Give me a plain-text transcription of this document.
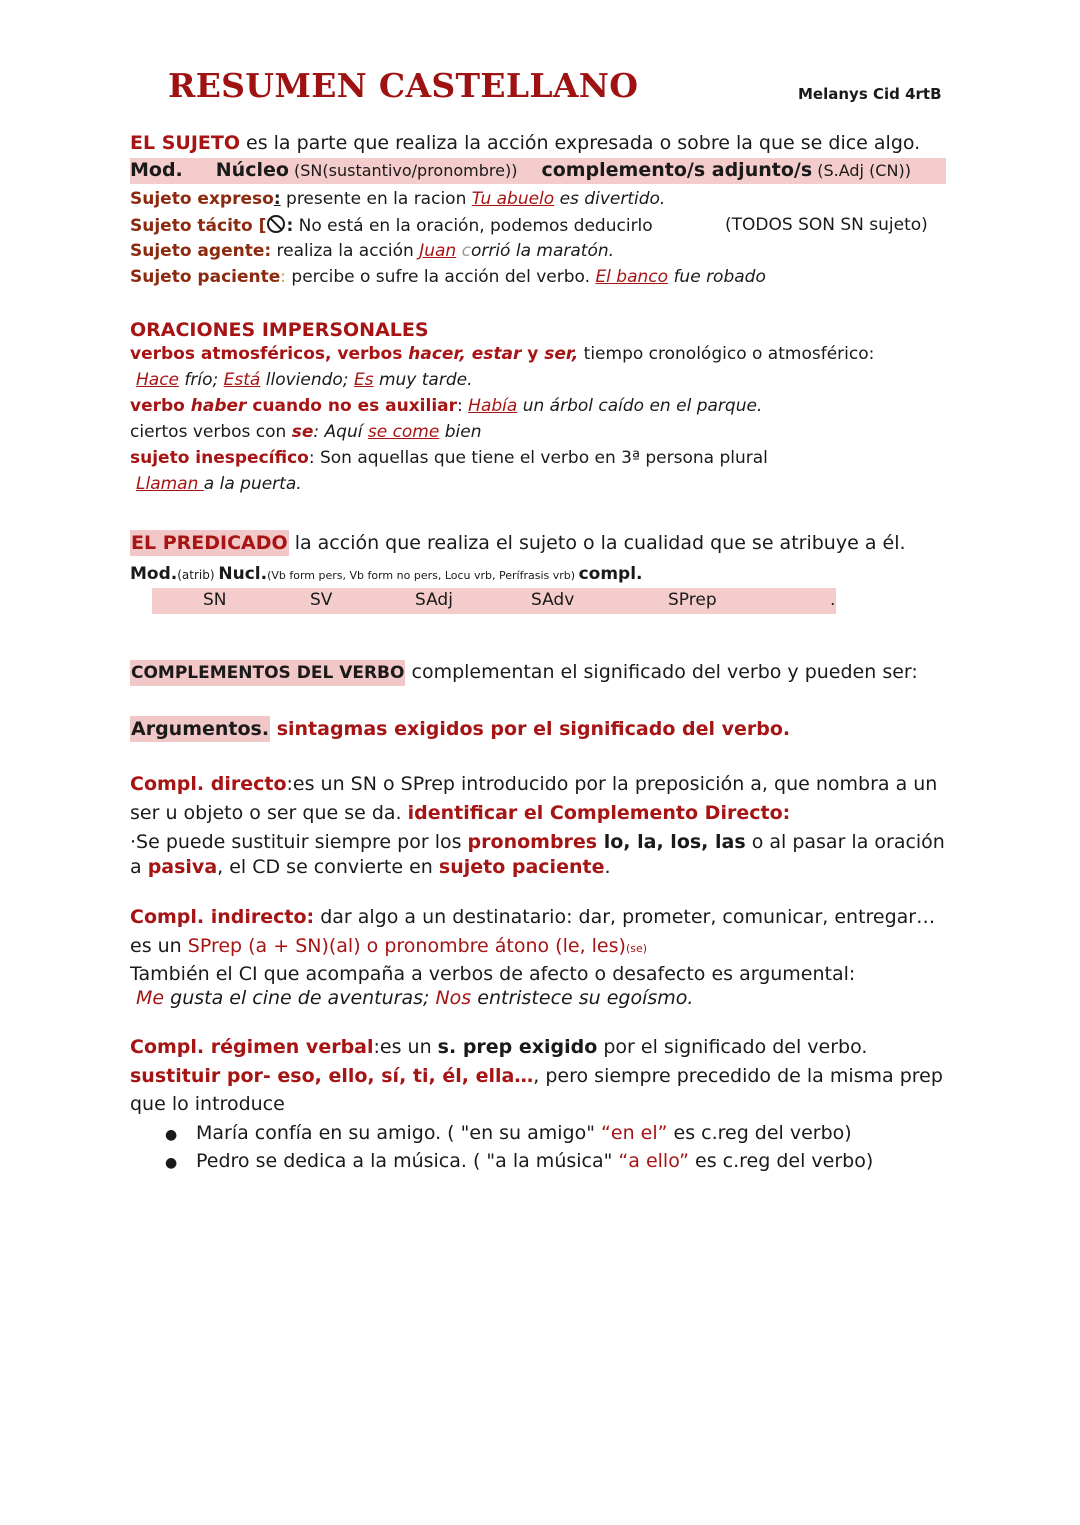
RESUMEN CASTELLANO	Melanys Cid 4rtB
EL SUJETO es la parte que realiza la acción expresada o sobre la que se dice algo.
Mod. Núcleo (SN(sustantivo/pronombre)) complemento/s adjunto/s (S.Adj (CN))
Sujeto expreso: presente en la racion Tu abuelo es divertido.
Sujeto tácito [ : No está en la oración, podemos deducirlo	(TODOS SON SN sujeto)
Sujeto agente: realiza la acción Juan corrió la maratón.
Sujeto paciente: percibe o sufre la acción del verbo. El banco fue robado
ORACIONES IMPERSONALES
verbos atmosféricos, verbos hacer, estar y ser, tiempo cronológico o atmosférico:
Hace frío; Está lloviendo; Es muy tarde.
verbo haber cuando no es auxiliar: Había un árbol caído en el parque.
ciertos verbos con se: Aquí se come bien
sujeto inespecífico: Son aquellas que tiene el verbo en 3ª persona plural
Llaman a la puerta.
EL PREDICADO la acción que realiza el sujeto o la cualidad que se atribuye a él.
Mod.(atrib) Nucl.(Vb form pers, Vb form no pers, Locu vrb, Perífrasis vrb) compl.
SN	SV	SAdj	SAdv	SPrep	.
COMPLEMENTOS DEL VERBO complementan el significado del verbo y pueden ser:
Argumentos. sintagmas exigidos por el significado del verbo.
Compl. directo:es un SN o SPrep introducido por la preposición a, que nombra a un
ser u objeto o ser que se da. identificar el Complemento Directo:
·Se puede sustituir siempre por los pronombres lo, la, los, las o al pasar la oración
a pasiva, el CD se convierte en sujeto paciente.
Compl. indirecto: dar algo a un destinatario: dar, prometer, comunicar, entregar…
es un SPrep (a + SN)(al) o pronombre átono (le, les)(se)
También el CI que acompaña a verbos de afecto o desafecto es argumental:
Me gusta el cine de aventuras; Nos entristece su egoísmo.
Compl. régimen verbal:es un s. prep exigido por el significado del verbo.
sustituir por- eso, ello, sí, ti, él, ella…, pero siempre precedido de la misma prep
que lo introduce
● María confía en su amigo. ( "en su amigo" “en el” es c.reg del verbo)
● Pedro se dedica a la música. ( "a la música" “a ello” es c.reg del verbo)
